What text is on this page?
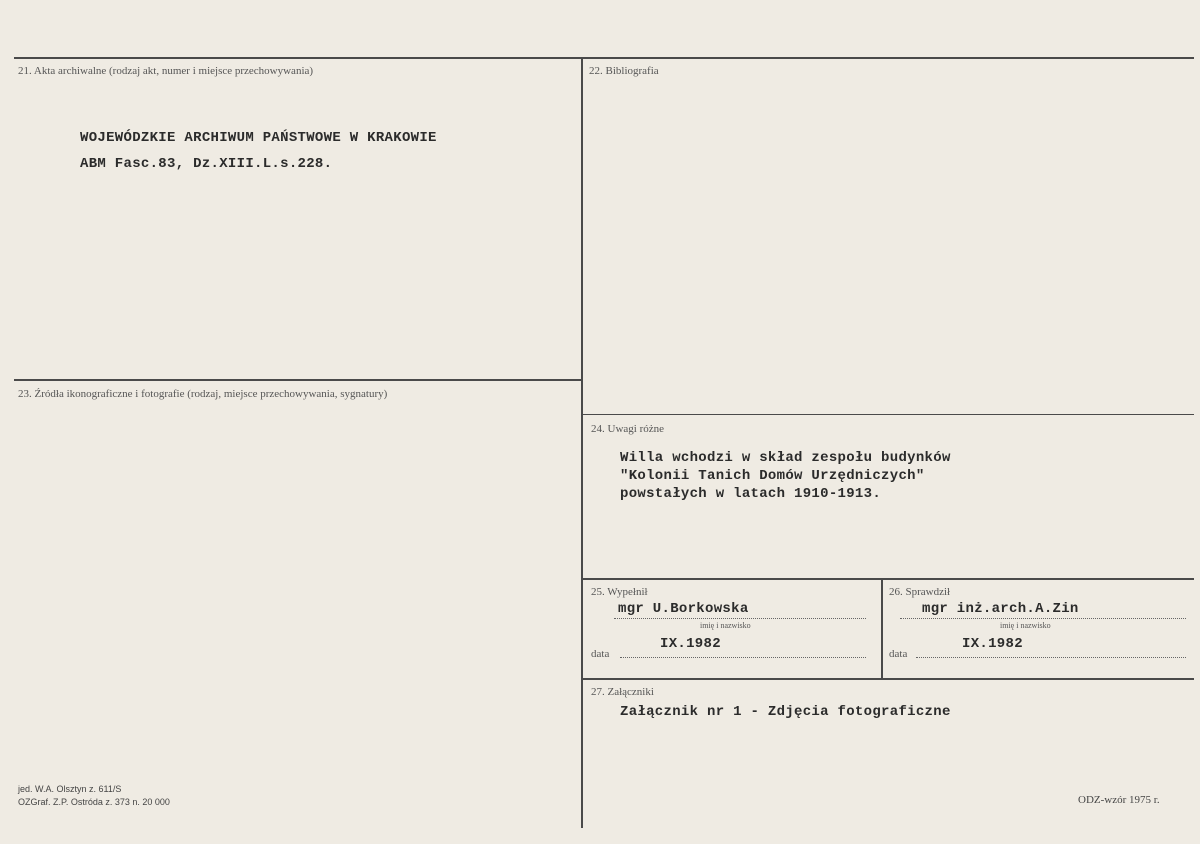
21. Akta archiwalne (rodzaj akt, numer i miejsce przechowywania)
WOJEWÓDZKIE ARCHIWUM PAŃSTWOWE W KRAKOWIE
ABM Fasc.83, Dz.XIII.L.s.228.
22. Bibliografia
23. Źródła ikonograficzne i fotografie (rodzaj, miejsce przechowywania, sygnatury)
24. Uwagi różne
Willa wchodzi w skład zespołu budynków
"Kolonii Tanich Domów Urzędniczych"
powstałych w latach 1910-1913.
25. Wypełnił
mgr U.Borkowska
imię i nazwisko
data
IX.1982
26. Sprawdził
mgr inż.arch.A.Zin
imię i nazwisko
data
IX.1982
27. Załączniki
Załącznik nr 1 - Zdjęcia fotograficzne
jed. W.A. Olsztyn z. 611/S
OZGraf. Z.P. Ostróda z. 373 n. 20 000	ODZ-wzór 1975 r.
